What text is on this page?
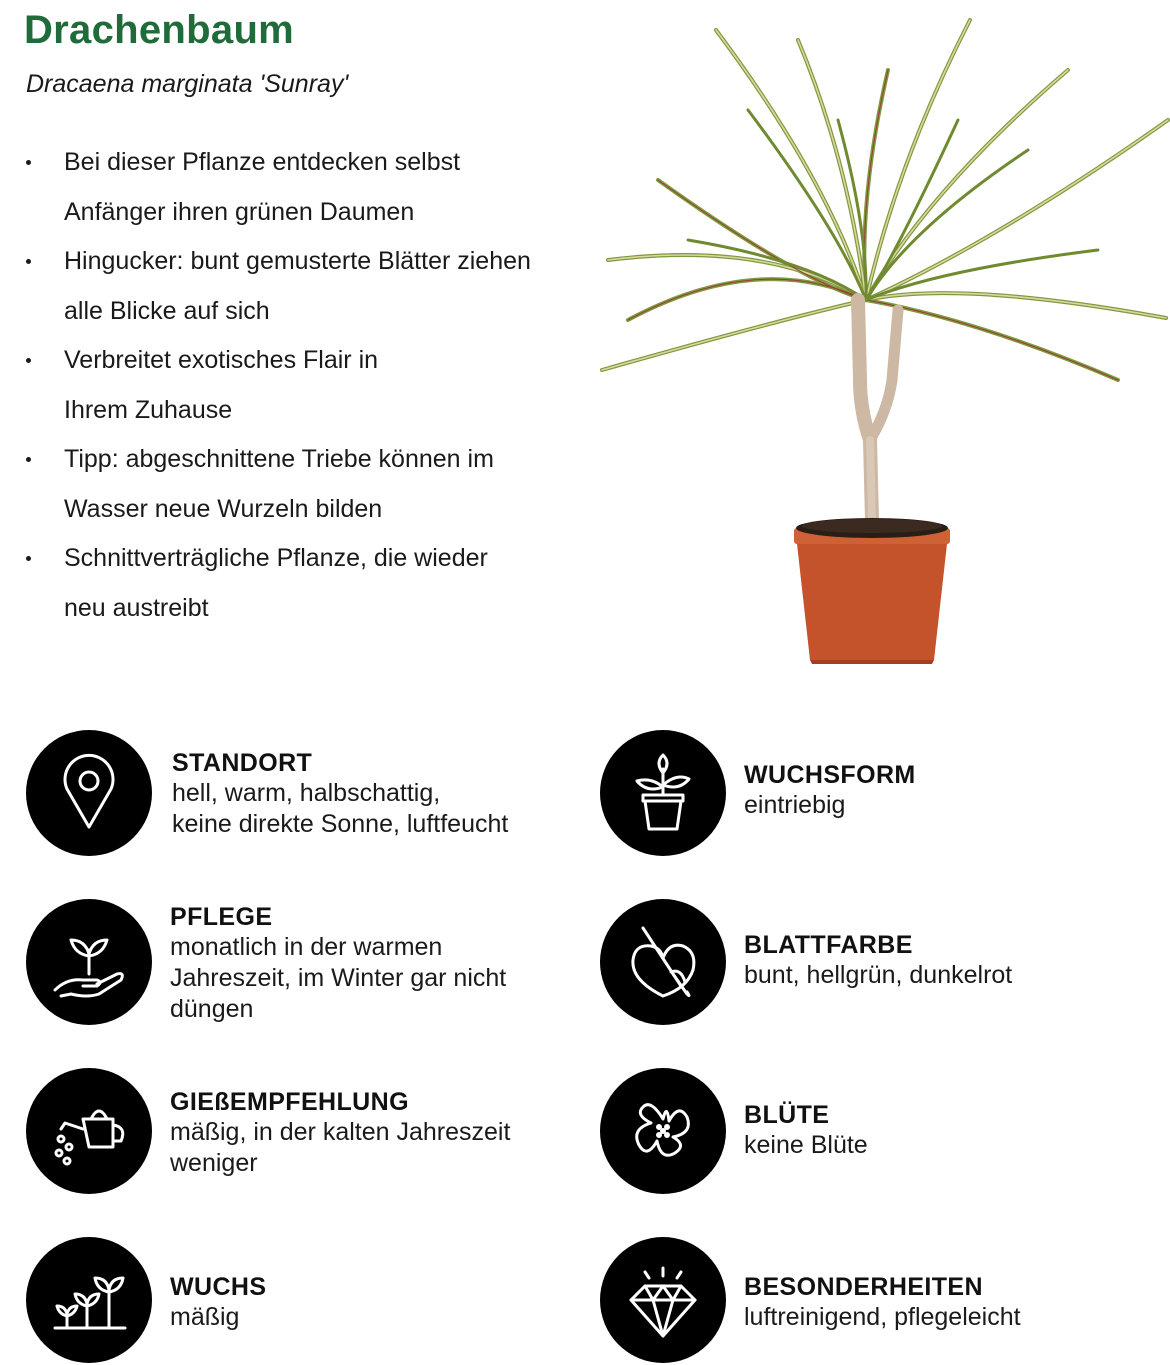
Drachenbaum
Dracaena marginata 'Sunray'
Bei dieser Pflanze entdecken selbst
Anfänger ihren grünen Daumen
Hingucker: bunt gemusterte Blätter ziehen
alle Blicke auf sich
Verbreitet exotisches Flair in
Ihrem Zuhause
Tipp: abgeschnittene Triebe können im
Wasser neue Wurzeln bilden
Schnittverträgliche Pflanze, die wieder
neu austreibt
STANDORT
hell, warm, halbschattig,
keine direkte Sonne, luftfeucht
WUCHSFORM
eintriebig
PFLEGE
monatlich in der warmen
Jahreszeit, im Winter gar nicht
düngen
BLATTFARBE
bunt, hellgrün, dunkelrot
GIEßEMPFEHLUNG
mäßig, in der kalten Jahreszeit
weniger
BLÜTE
keine Blüte
WUCHS
mäßig
BESONDERHEITEN
luftreinigend, pflegeleicht
